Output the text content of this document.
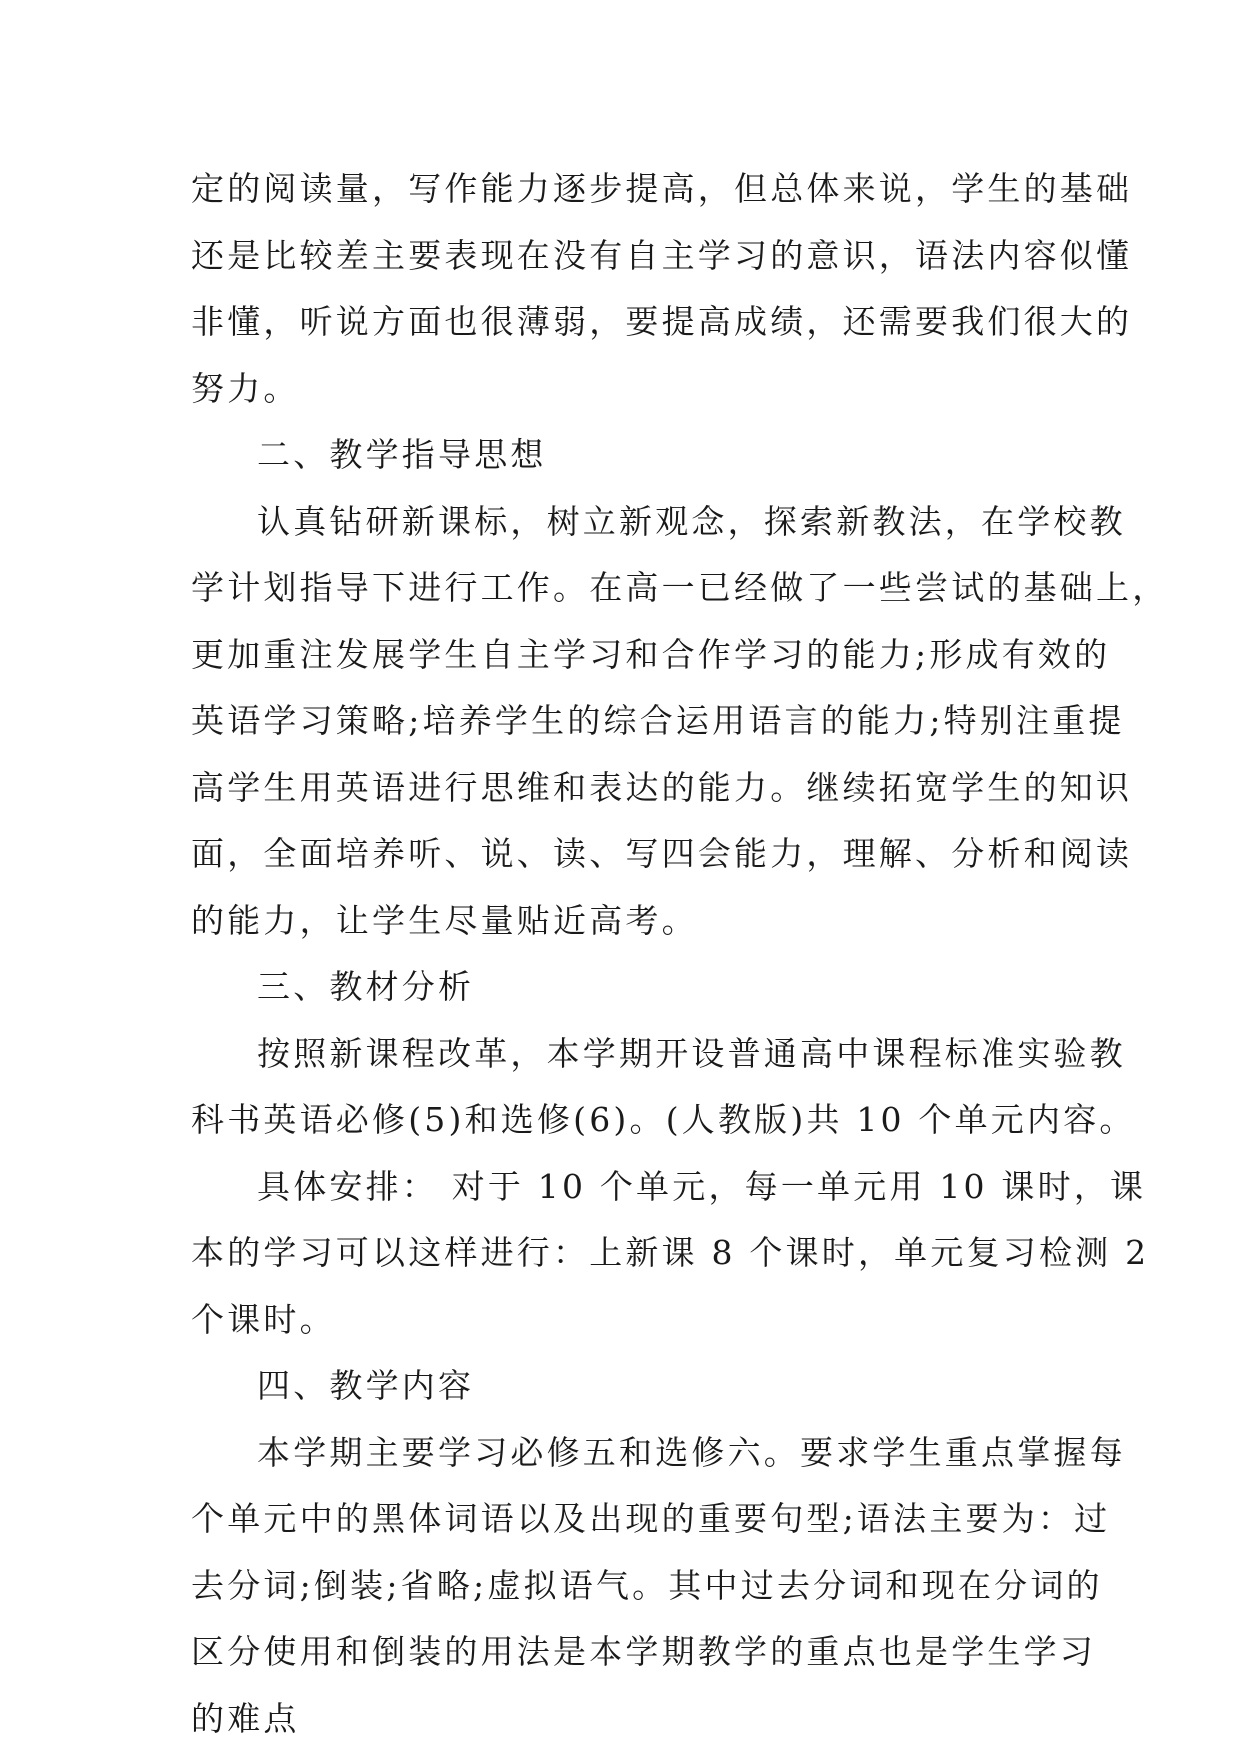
定的阅读量，写作能力逐步提高，但总体来说，学生的基础
还是比较差主要表现在没有自主学习的意识，语法内容似懂
非懂，听说方面也很薄弱，要提高成绩，还需要我们很大的
努力。
二、教学指导思想
认真钻研新课标，树立新观念，探索新教法，在学校教
学计划指导下进行工作。在高一已经做了一些尝试的基础上，
更加重注发展学生自主学习和合作学习的能力;形成有效的
英语学习策略;培养学生的综合运用语言的能力;特别注重提
高学生用英语进行思维和表达的能力。继续拓宽学生的知识
面，全面培养听、说、读、写四会能力，理解、分析和阅读
的能力，让学生尽量贴近高考。
三、教材分析
按照新课程改革，本学期开设普通高中课程标准实验教
科书英语必修(5)和选修(6)。(人教版)共 10 个单元内容。
具体安排： 对于 10 个单元，每一单元用 10 课时，课
本的学习可以这样进行：上新课 8 个课时，单元复习检测 2
个课时。
四、教学内容
本学期主要学习必修五和选修六。要求学生重点掌握每
个单元中的黑体词语以及出现的重要句型;语法主要为：过
去分词;倒装;省略;虚拟语气。其中过去分词和现在分词的
区分使用和倒装的用法是本学期教学的重点也是学生学习
的难点
